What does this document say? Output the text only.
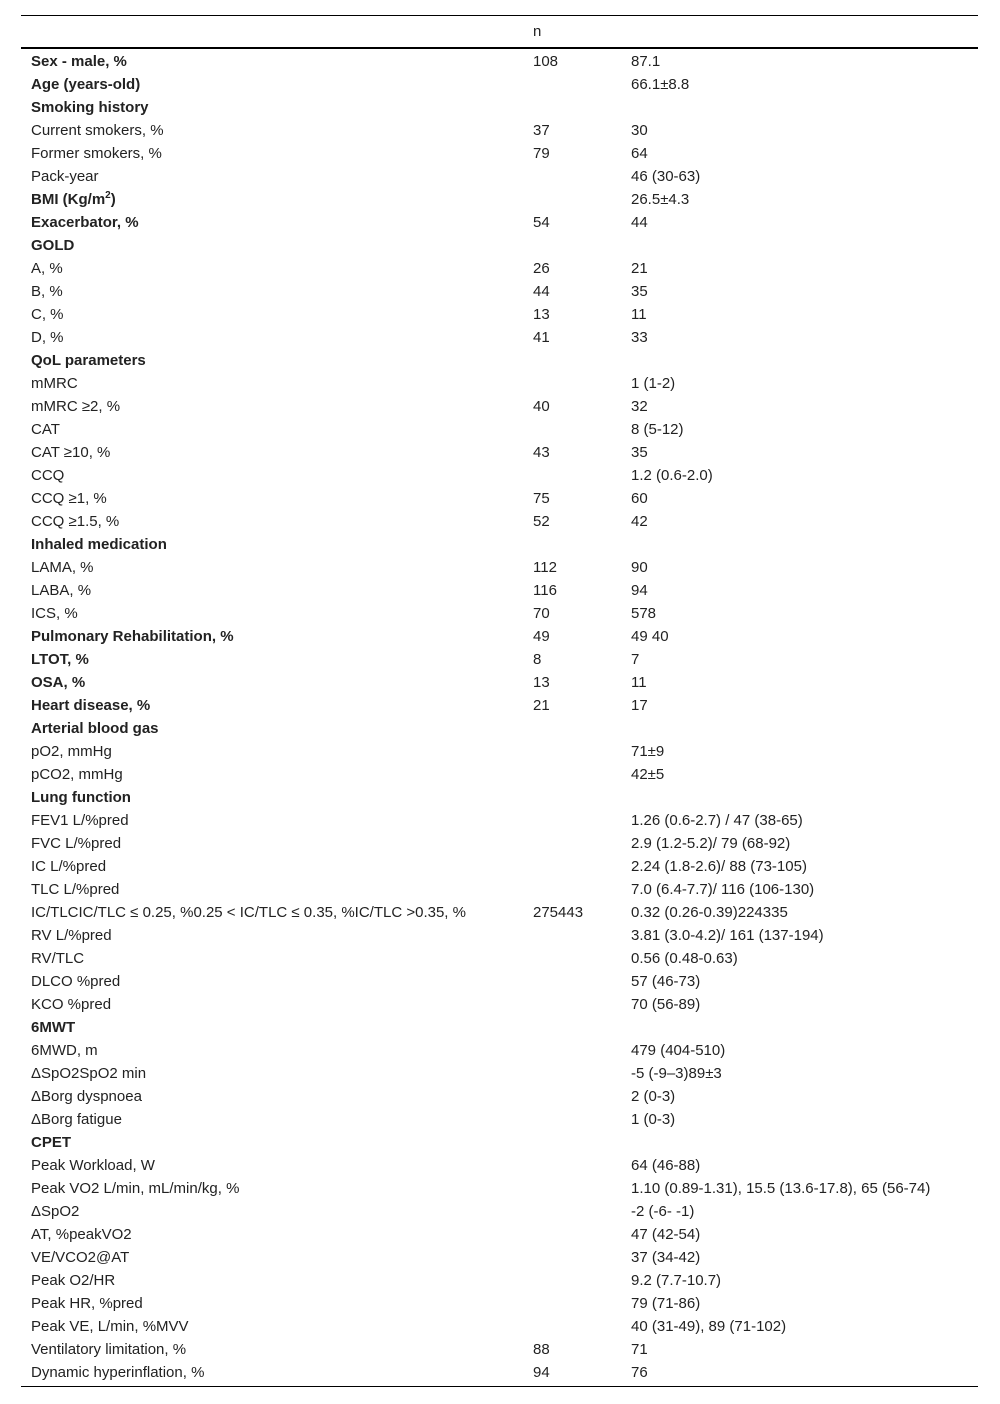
	n	
Sex - male, %	108	87.1
Age (years-old)		66.1±8.8
Smoking history		
Current smokers, %	37	30
Former smokers, %	79	64
Pack-year		46 (30-63)
BMI $(Kg/m^2)$		26.5±4.3
Exacerbator, %	54	44
GOLD		
A, %	26	21
B, %	44	35
C, %	13	11
D, %	41	33
QoL parameters		
mMRC		1 (1-2)
mMRC ≥2, %	40	32
CAT		8 (5-12)
CAT ≥10, %	43	35
CCQ		1.2 (0.6-2.0)
CCQ ≥1, %	75	60
CCQ ≥1.5, %	52	42
Inhaled medication		
LAMA, %	112	90
LABA, %	116	94
ICS, %	70	578
Pulmonary Rehabilitation, %	49	49 40
LTOT, %	8	7
OSA, %	13	11
Heart disease, %	21	17
Arterial blood gas		
pO2, mmHg		71±9
pCO2, mmHg		42±5
Lung function		
FEV1 L/%pred		1.26 (0.6-2.7) / 47 (38-65)
FVC L/%pred		2.9 (1.2-5.2)/ 79 (68-92)
IC L/%pred		2.24 (1.8-2.6)/ 88 (73-105)
TLC L/%pred		7.0 (6.4-7.7)/ 116 (106-130)
IC/TLCIC/TLC ≤ 0.25, %0.25 < IC/TLC ≤ 0.35, %IC/TLC >0.35, %	275443	0.32 (0.26-0.39)224335
RV L/%pred		3.81 (3.0-4.2)/ 161 (137-194)
RV/TLC		0.56 (0.48-0.63)
DLCO %pred		57 (46-73)
KCO %pred		70 (56-89)
6MWT		
6MWD, m		479 (404-510)
ΔSpO2SpO2 min		-5 (-9–3)89±3
ΔBorg dyspnoea		2 (0-3)
ΔBorg fatigue		1 (0-3)
CPET		
Peak Workload, W		64 (46-88)
Peak VO2 L/min, mL/min/kg, %		1.10 (0.89-1.31), 15.5 (13.6-17.8), 65 (56-74)
ΔSpO2		-2 (-6- -1)
AT, %peakVO2		47 (42-54)
VE/VCO2@AT		37 (34-42)
Peak O2/HR		9.2 (7.7-10.7)
Peak HR, %pred		79 (71-86)
Peak VE, L/min, %MVV		40 (31-49), 89 (71-102)
Ventilatory limitation, %	88	71
Dynamic hyperinflation, %	94	76
